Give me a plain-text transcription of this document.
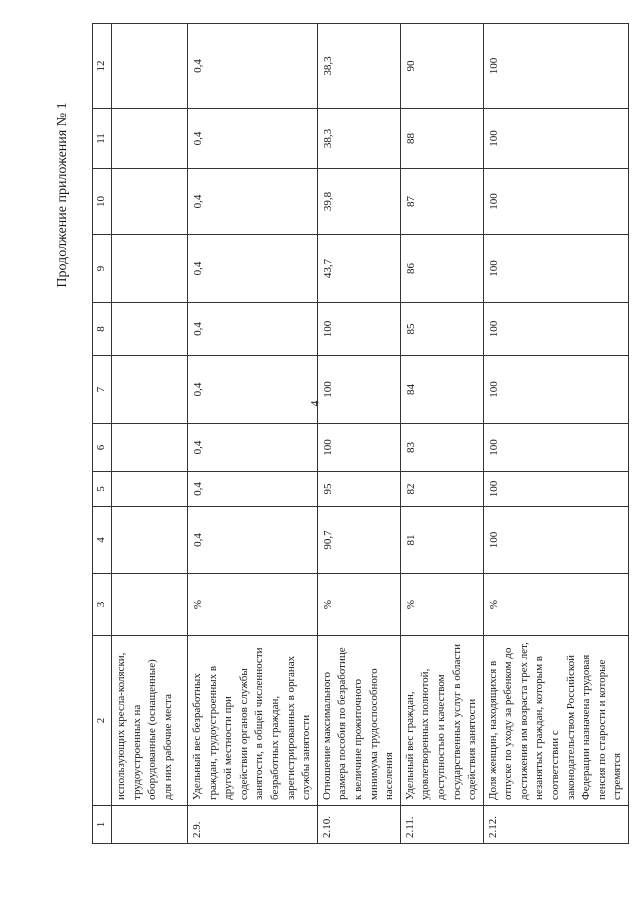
4
Продолжение приложения № 1
1	2	3	4	5	6	7	8	9	10	11	12
	использующих кресла-коляски, трудоустроенных на оборудованные (оснащенные) для них рабочие места										
2.9.	Удельный вес безработных граждан, трудоустроенных в другой местности при содействии органов службы занятости, в общей численности безработных граждан, зарегистрированных в органах службы занятости	%	0,4	0,4	0,4	0,4	0,4	0,4	0,4	0,4	0,4
2.10.	Отношение максимального размера пособия по безработице к величине прожиточного минимума трудоспособного населения	%	90,7	95	100	100	100	43,7	39,8	38,3	38,3
2.11.	Удельный вес граждан, удовлетворенных полнотой, доступностью и качеством государственных услуг в области содействия занятости	%	81	82	83	84	85	86	87	88	90
2.12.	Доля женщин, находящихся в отпуске по уходу за ребенком до достижения им возраста трех лет, незанятых граждан, которым в соответствии с законодательством Российской Федерации назначена трудовая пенсия по старости и которые стремятся	%	100	100	100	100	100	100	100	100	100
